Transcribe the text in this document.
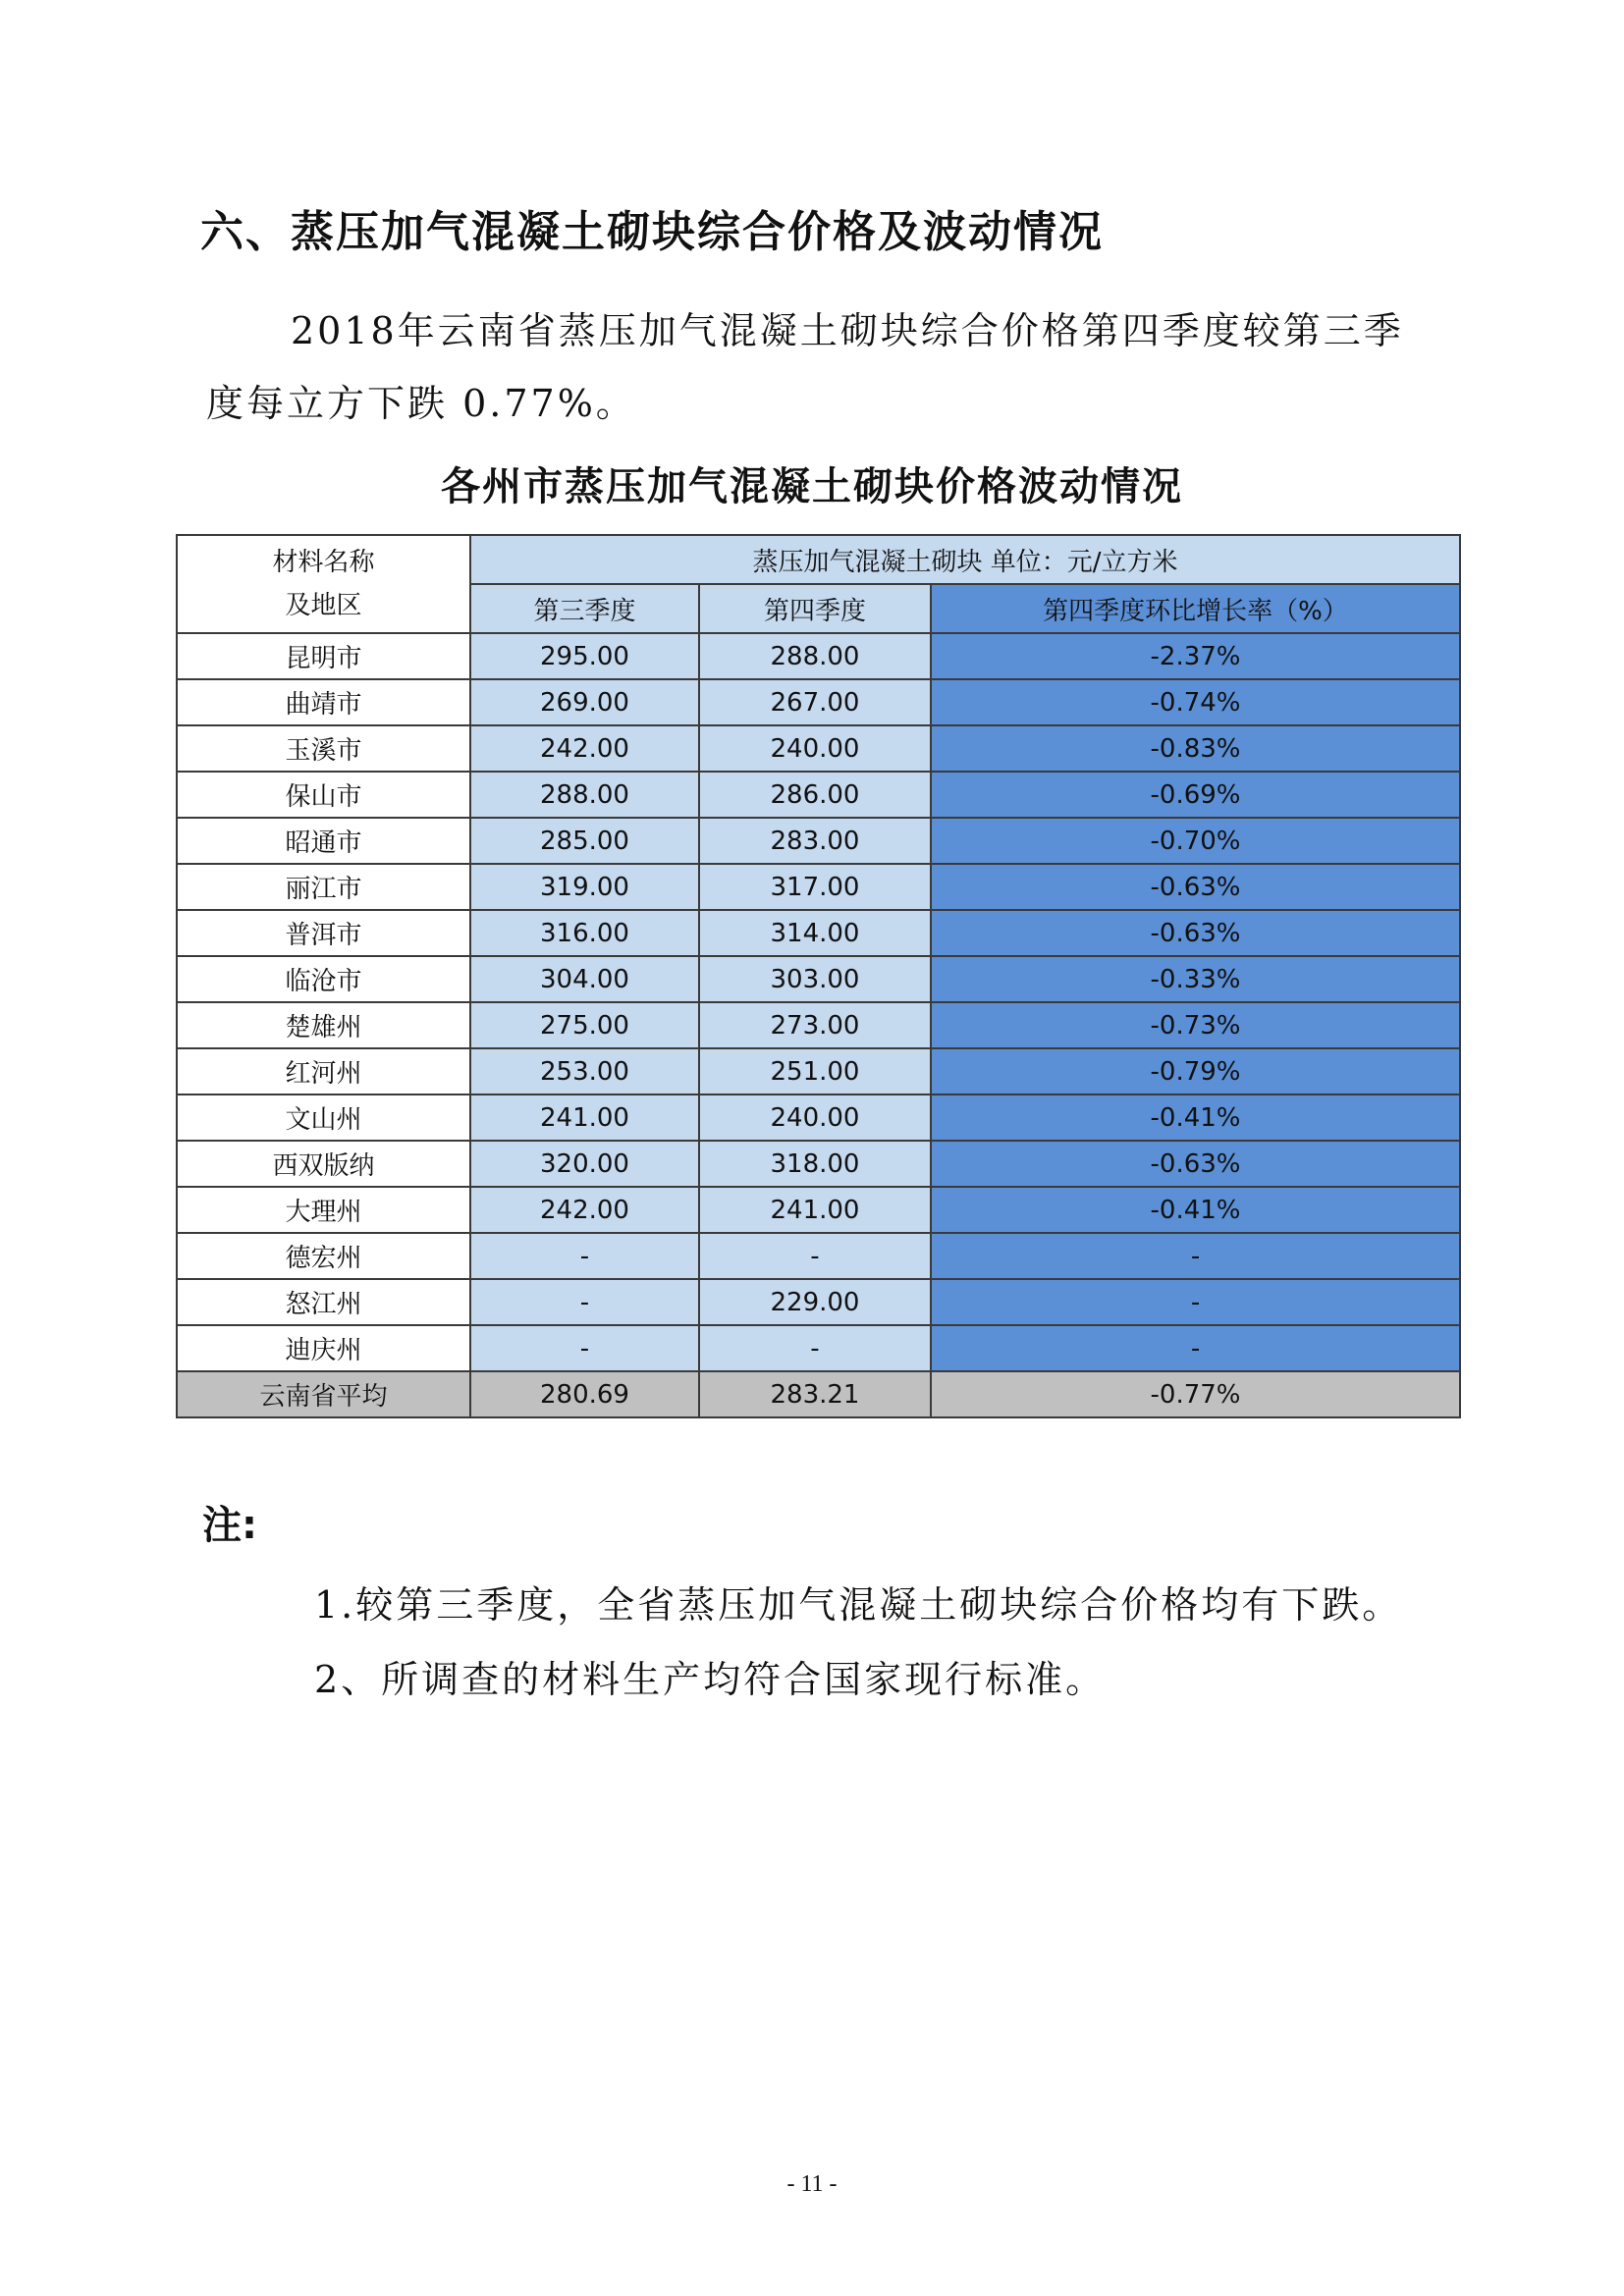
六、蒸压加气混凝土砌块综合价格及波动情况
2018年云南省蒸压加气混凝土砌块综合价格第四季度较第三季度每立方下跌 0.77%。
各州市蒸压加气混凝土砌块价格波动情况
材料名称
及地区	蒸压加气混凝土砌块 单位：元/立方米		
	第三季度	第四季度	第四季度环比增长率（%）
昆明市	295.00	288.00	-2.37%
曲靖市	269.00	267.00	-0.74%
玉溪市	242.00	240.00	-0.83%
保山市	288.00	286.00	-0.69%
昭通市	285.00	283.00	-0.70%
丽江市	319.00	317.00	-0.63%
普洱市	316.00	314.00	-0.63%
临沧市	304.00	303.00	-0.33%
楚雄州	275.00	273.00	-0.73%
红河州	253.00	251.00	-0.79%
文山州	241.00	240.00	-0.41%
西双版纳	320.00	318.00	-0.63%
大理州	242.00	241.00	-0.41%
德宏州	-	-	-
怒江州	-	229.00	-
迪庆州	-	-	-
云南省平均	280.69	283.21	-0.77%
注:
1.较第三季度，全省蒸压加气混凝土砌块综合价格均有下跌。
2、所调查的材料生产均符合国家现行标准。
- 11 -
